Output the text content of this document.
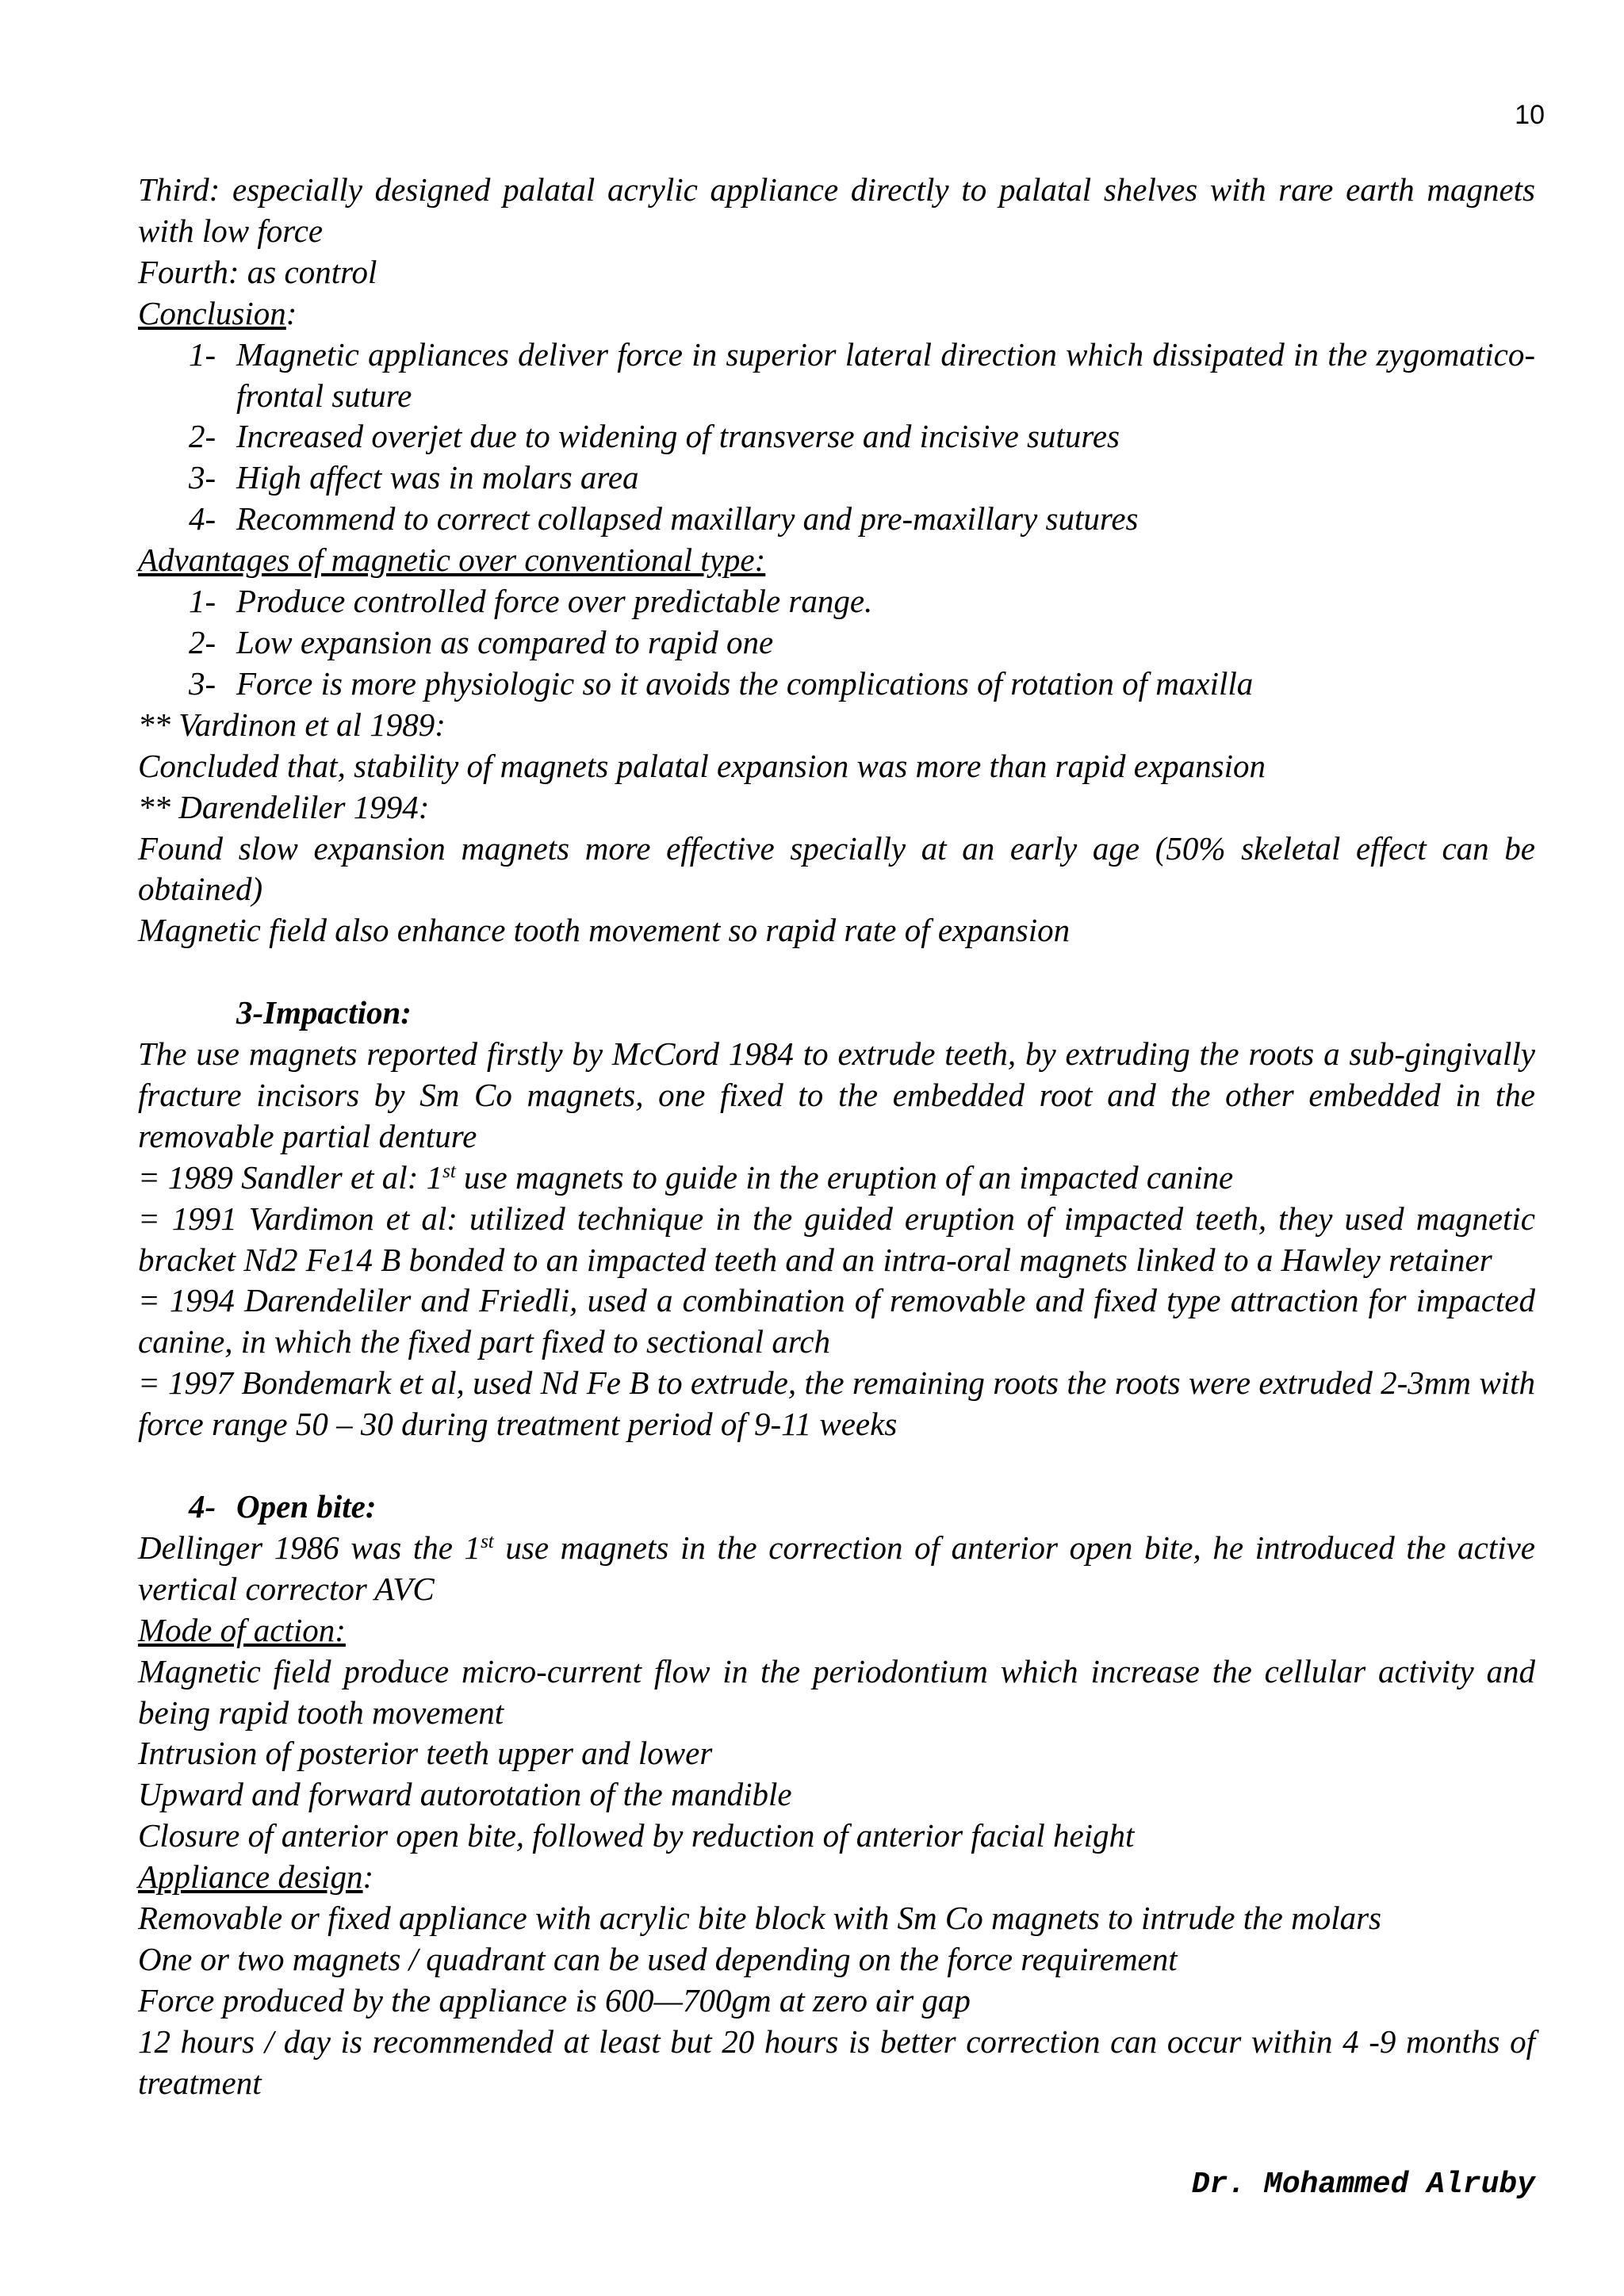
10

Third: especially designed palatal acrylic appliance directly to palatal shelves with rare earth magnets with low force

Fourth: as control

Conclusion:

1- Magnetic appliances deliver force in superior lateral direction which dissipated in the zygomatico-frontal suture
2- Increased overjet due to widening of transverse and incisive sutures
3- High affect was in molars area
4- Recommend to correct collapsed maxillary and pre-maxillary sutures

Advantages of magnetic over conventional type:

1- Produce controlled force over predictable range.
2- Low expansion as compared to rapid one
3- Force is more physiologic so it avoids the complications of rotation of maxilla

** Vardinon et al 1989:

Concluded that, stability of magnets palatal expansion was more than rapid expansion

** Darendeliler 1994:

Found slow expansion magnets more effective specially at an early age (50% skeletal effect can be obtained)

Magnetic field also enhance tooth movement so rapid rate of expansion

3-Impaction:

The use magnets reported firstly by McCord 1984 to extrude teeth, by extruding the roots a sub-gingivally fracture incisors by Sm Co magnets, one fixed to the embedded root and the other embedded in the removable partial denture

= 1989 Sandler et al: 1st use magnets to guide in the eruption of an impacted canine

= 1991 Vardimon et al: utilized technique in the guided eruption of impacted teeth, they used magnetic bracket Nd2 Fe14 B bonded to an impacted teeth and an intra-oral magnets linked to a Hawley retainer

= 1994 Darendeliler and Friedli, used a combination of removable and fixed type attraction for impacted canine, in which the fixed part fixed to sectional arch

= 1997 Bondemark et al, used Nd Fe B to extrude, the remaining roots the roots were extruded 2-3mm with force range 50 – 30 during treatment period of 9-11 weeks

4- Open bite:

Dellinger 1986 was the 1st use magnets in the correction of anterior open bite, he introduced the active vertical corrector AVC

Mode of action:

Magnetic field produce micro-current flow in the periodontium which increase the cellular activity and being rapid tooth movement

Intrusion of posterior teeth upper and lower

Upward and forward autorotation of the mandible

Closure of anterior open bite, followed by reduction of anterior facial height

Appliance design:

Removable or fixed appliance with acrylic bite block with Sm Co magnets to intrude the molars

One or two magnets / quadrant can be used depending on the force requirement

Force produced by the appliance is 600—700gm at zero air gap

12 hours / day is recommended at least but 20 hours is better correction can occur within 4 -9 months of treatment

Dr. Mohammed Alruby
